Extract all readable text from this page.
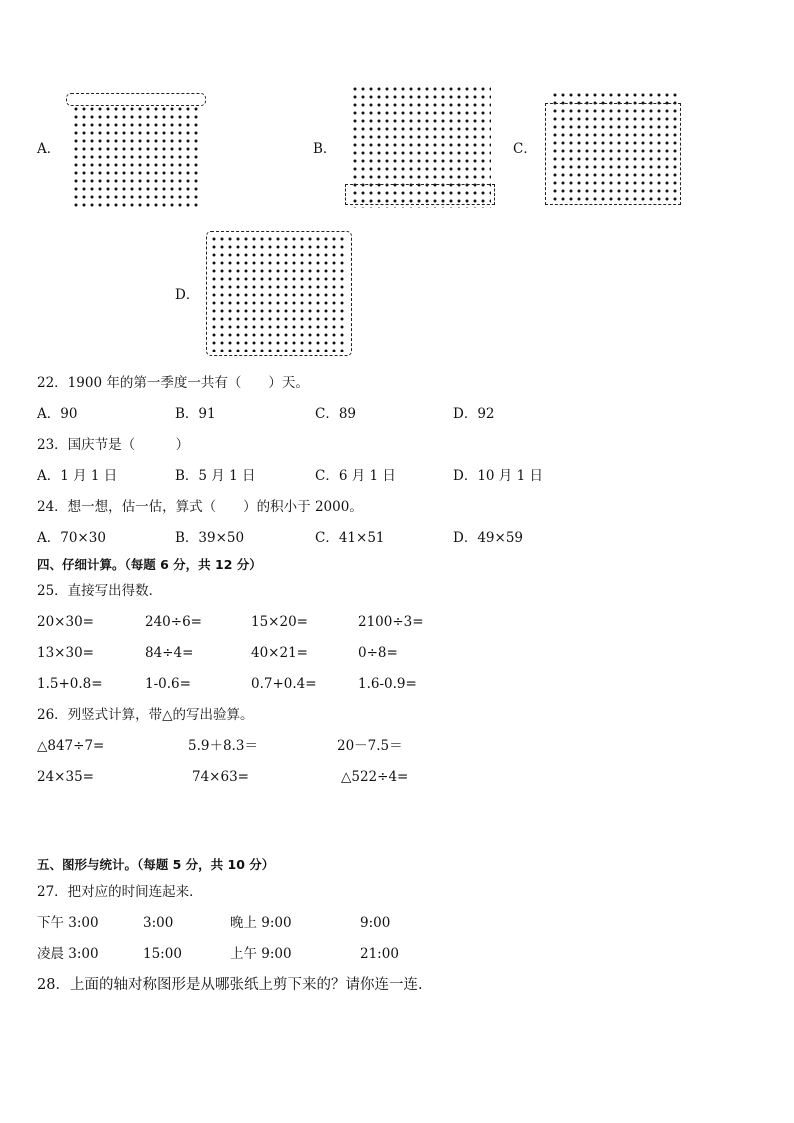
A．	B．	C．
D．
22．1900 年的第一季度一共有（　　）天。
A．90	B．91	C．89	D．92
23．国庆节是（　　　）
A．1 月 1 日	B．5 月 1 日	C．6 月 1 日	D．10 月 1 日
24．想一想，估一估，算式（　　）的积小于 2000。
A．70×30	B．39×50	C．41×51	D．49×59
四、仔细计算。（每题 6 分，共 12 分）
25．直接写出得数．
20×30=	240÷6=	15×20=	2100÷3=
13×30=	84÷4=	40×21=	0÷8=
1.5+0.8=	1-0.6=	0.7+0.4=	1.6-0.9=
26．列竖式计算，带△的写出验算。
△847÷7=	5.9＋8.3＝	20－7.5＝
24×35=	74×63=	△522÷4=
五、图形与统计。（每题 5 分，共 10 分）
27．把对应的时间连起来．
下午 3:00	3:00	晚上 9:00	9:00
凌晨 3:00	15:00	上午 9:00	21:00
28．上面的轴对称图形是从哪张纸上剪下来的？请你连一连.
